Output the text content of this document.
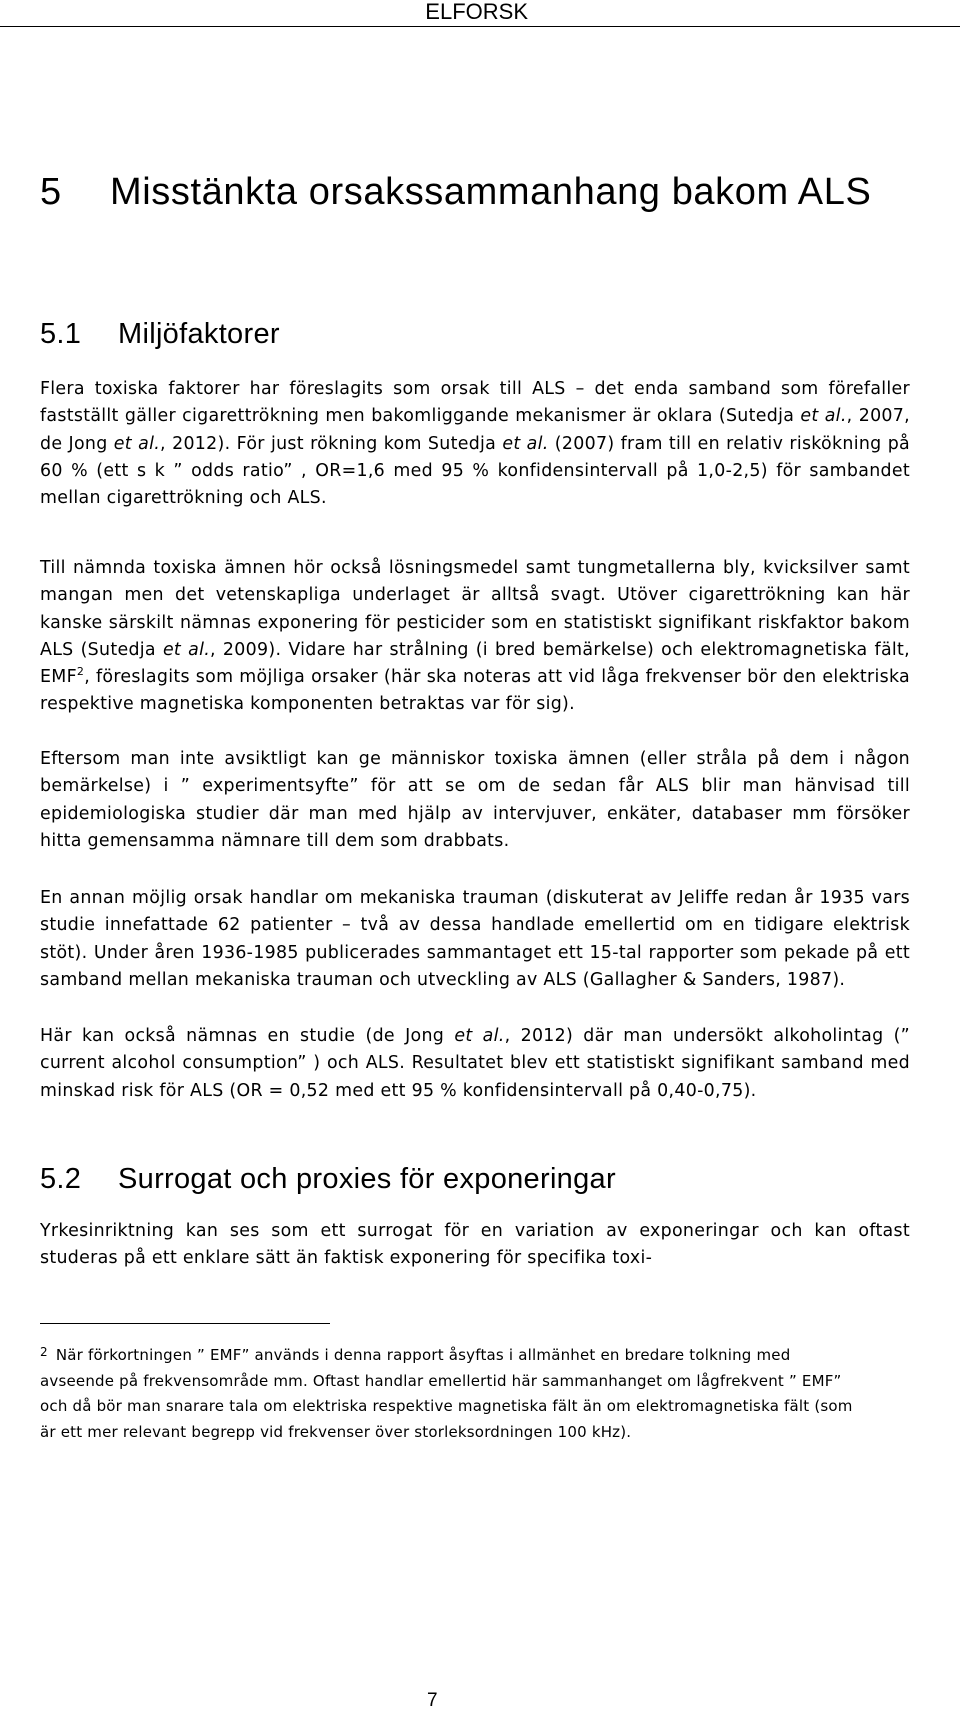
ELFORSK
5 Misstänkta orsakssammanhang bakom ALS
5.1 Miljöfaktorer

Flera toxiska faktorer har föreslagits som orsak till ALS – det enda samband som förefaller fastställt gäller cigarettrökning men bakomliggande mekanismer är oklara (Sutedja et al., 2007, de Jong et al., 2012). För just rökning kom Sutedja et al. (2007) fram till en relativ riskökning på 60 % (ett s k ” odds ratio” , OR=1,6 med 95 % konfidensintervall på 1,0-2,5) för sambandet mellan cigarettrökning och ALS.

Till nämnda toxiska ämnen hör också lösningsmedel samt tungmetallerna bly, kvicksilver samt mangan men det vetenskapliga underlaget är alltså svagt. Utöver cigarettrökning kan här kanske särskilt nämnas exponering för pesticider som en statistiskt signifikant riskfaktor bakom ALS (Sutedja et al., 2009). Vidare har strålning (i bred bemärkelse) och elektromagnetiska fält, EMF$^2$, föreslagits som möjliga orsaker (här ska noteras att vid låga frekvenser bör den elektriska respektive magnetiska komponenten betraktas var för sig).

Eftersom man inte avsiktligt kan ge människor toxiska ämnen (eller stråla på dem i någon bemärkelse) i ” experimentsyfte” för att se om de sedan får ALS blir man hänvisad till epidemiologiska studier där man med hjälp av intervjuver, enkäter, databaser mm försöker hitta gemensamma nämnare till dem som drabbats.

En annan möjlig orsak handlar om mekaniska trauman (diskuterat av Jeliffe redan år 1935 vars studie innefattade 62 patienter – två av dessa handlade emellertid om en tidigare elektrisk stöt). Under åren 1936-1985 publicerades sammantaget ett 15-tal rapporter som pekade på ett samband mellan mekaniska trauman och utveckling av ALS (Gallagher & Sanders, 1987).

Här kan också nämnas en studie (de Jong et al., 2012) där man undersökt alkoholintag (” current alcohol consumption” ) och ALS. Resultatet blev ett statistiskt signifikant samband med minskad risk för ALS (OR = 0,52 med ett 95 % konfidensintervall på 0,40-0,75).

5.2 Surrogat och proxies för exponeringar

Yrkesinriktning kan ses som ett surrogat för en variation av exponeringar och kan oftast studeras på ett enklare sätt än faktisk exponering för specifika toxi-

$^2$ När förkortningen ” EMF” används i denna rapport åsyftas i allmänhet en bredare tolkning med avseende på frekvensområde mm. Oftast handlar emellertid här sammanhanget om lågfrekvent ” EMF” och då bör man snarare tala om elektriska respektive magnetiska fält än om elektromagnetiska fält (som är ett mer relevant begrepp vid frekvenser över storleksordningen 100 kHz).

7
